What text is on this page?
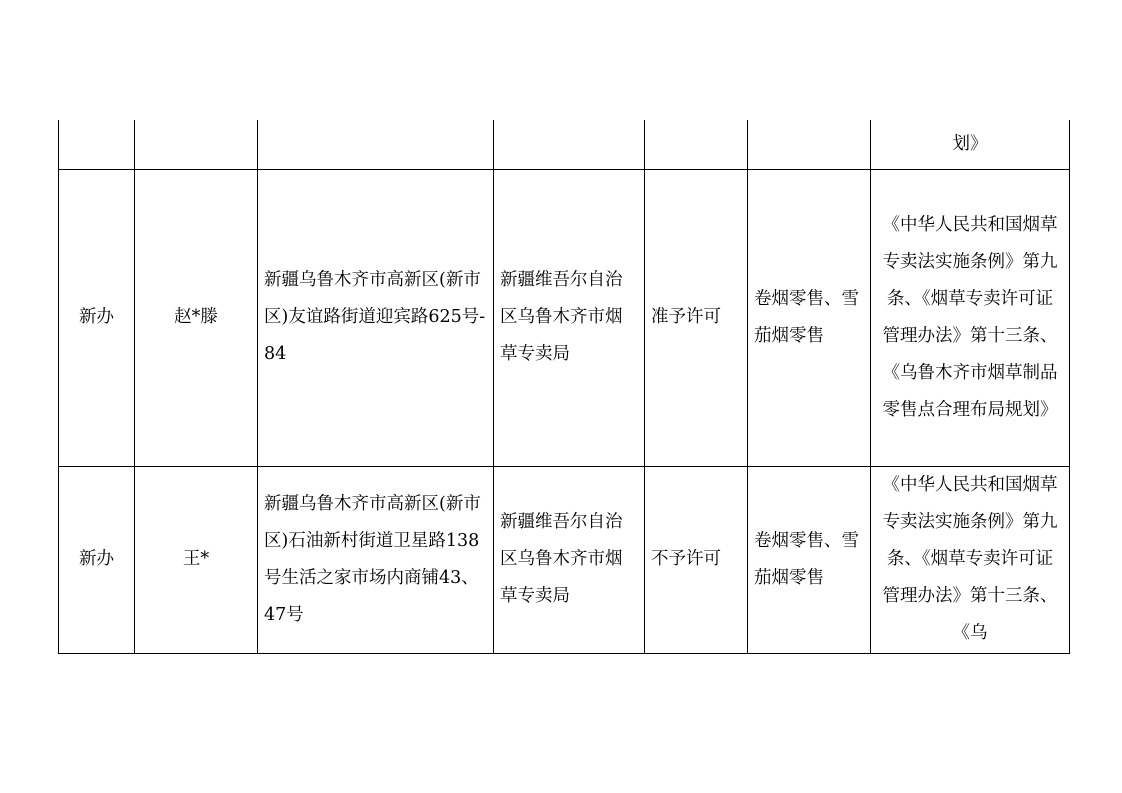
						划》
新办	赵*滕	新疆乌鲁木齐市高新区(新市区)友谊路街道迎宾路625号-84	新疆维吾尔自治区乌鲁木齐市烟草专卖局	准予许可	卷烟零售、雪茄烟零售	《中华人民共和国烟草专卖法实施条例》第九条、《烟草专卖许可证管理办法》第十三条、《乌鲁木齐市烟草制品零售点合理布局规划》
新办	王*	新疆乌鲁木齐市高新区(新市区)石油新村街道卫星路138号生活之家市场内商铺43、47号	新疆维吾尔自治区乌鲁木齐市烟草专卖局	不予许可	卷烟零售、雪茄烟零售	《中华人民共和国烟草专卖法实施条例》第九条、《烟草专卖许可证管理办法》第十三条、《乌
